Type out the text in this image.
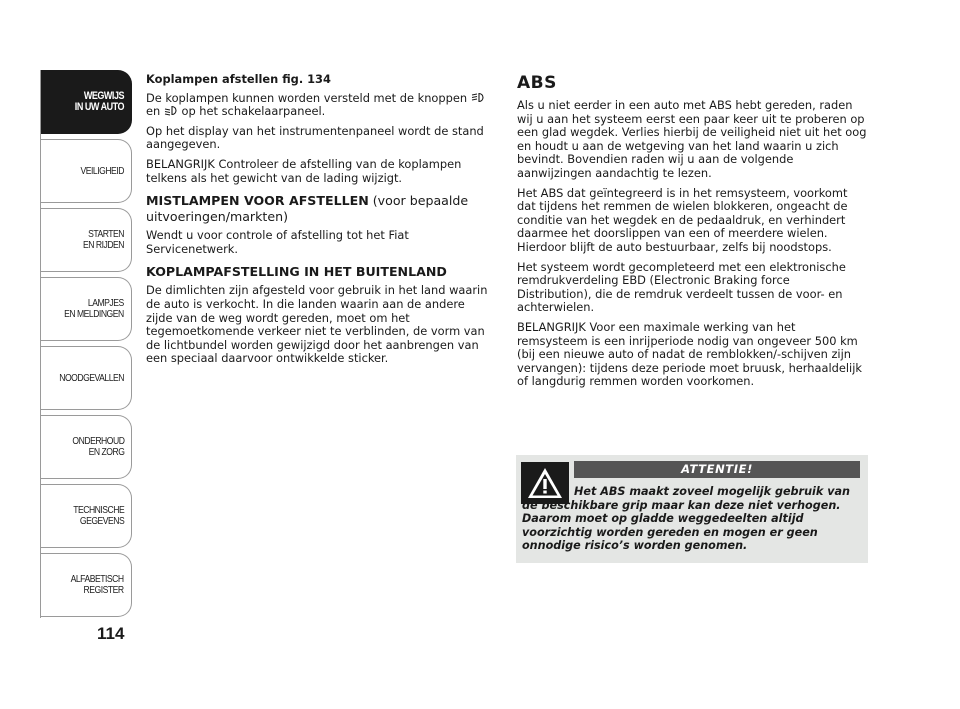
WEGWIJS
IN UW AUTO
VEILIGHEID
STARTEN
EN RIJDEN
LAMPJES
EN MELDINGEN
NOODGEVALLEN
ONDERHOUD
EN ZORG
TECHNISCHE
GEGEVENS
ALFABETISCH
REGISTER
114

Koplampen afstellen fig. 134

De koplampen kunnen worden versteld met de knoppen  en op het schakelaarpaneel.

Op het display van het instrumentenpaneel wordt de stand aangegeven.

BELANGRIJK Controleer de afstelling van de koplampen telkens als het gewicht van de lading wijzigt.

MISTLAMPEN VOOR AFSTELLEN (voor bepaalde uitvoeringen/markten)

Wendt u voor controle of afstelling tot het Fiat Servicenetwerk.

KOPLAMPAFSTELLING IN HET BUITENLAND

De dimlichten zijn afgesteld voor gebruik in het land waarin de auto is verkocht. In die landen waarin aan de andere zijde van de weg wordt gereden, moet om het tegemoetkomende verkeer niet te verblinden, de vorm van de lichtbundel worden gewijzigd door het aanbrengen van een speciaal daarvoor ontwikkelde sticker.

ABS

Als u niet eerder in een auto met ABS hebt gereden, raden wij u aan het systeem eerst een paar keer uit te proberen op een glad wegdek. Verlies hierbij de veiligheid niet uit het oog en houdt u aan de wetgeving van het land waarin u zich bevindt. Bovendien raden wij u aan de volgende aanwijzingen aandachtig te lezen.

Het ABS dat geïntegreerd is in het remsysteem, voorkomt dat tijdens het remmen de wielen blokkeren, ongeacht de conditie van het wegdek en de pedaaldruk, en verhindert daarmee het doorslippen van een of meerdere wielen. Hierdoor blijft de auto bestuurbaar, zelfs bij noodstops.

Het systeem wordt gecompleteerd met een elektronische remdrukverdeling EBD (Electronic Braking force Distribution), die de remdruk verdeelt tussen de voor- en achterwielen.

BELANGRIJK Voor een maximale werking van het remsysteem is een inrijperiode nodig van ongeveer 500 km (bij een nieuwe auto of nadat de remblokken/-schijven zijn vervangen): tijdens deze periode moet bruusk, herhaaldelijk of langdurig remmen worden voorkomen.

ATTENTIE!
Het ABS maakt zoveel mogelijk gebruik van de beschikbare grip maar kan deze niet verhogen. Daarom moet op gladde weggedeelten altijd voorzichtig worden gereden en mogen er geen onnodige risico’s worden genomen.
